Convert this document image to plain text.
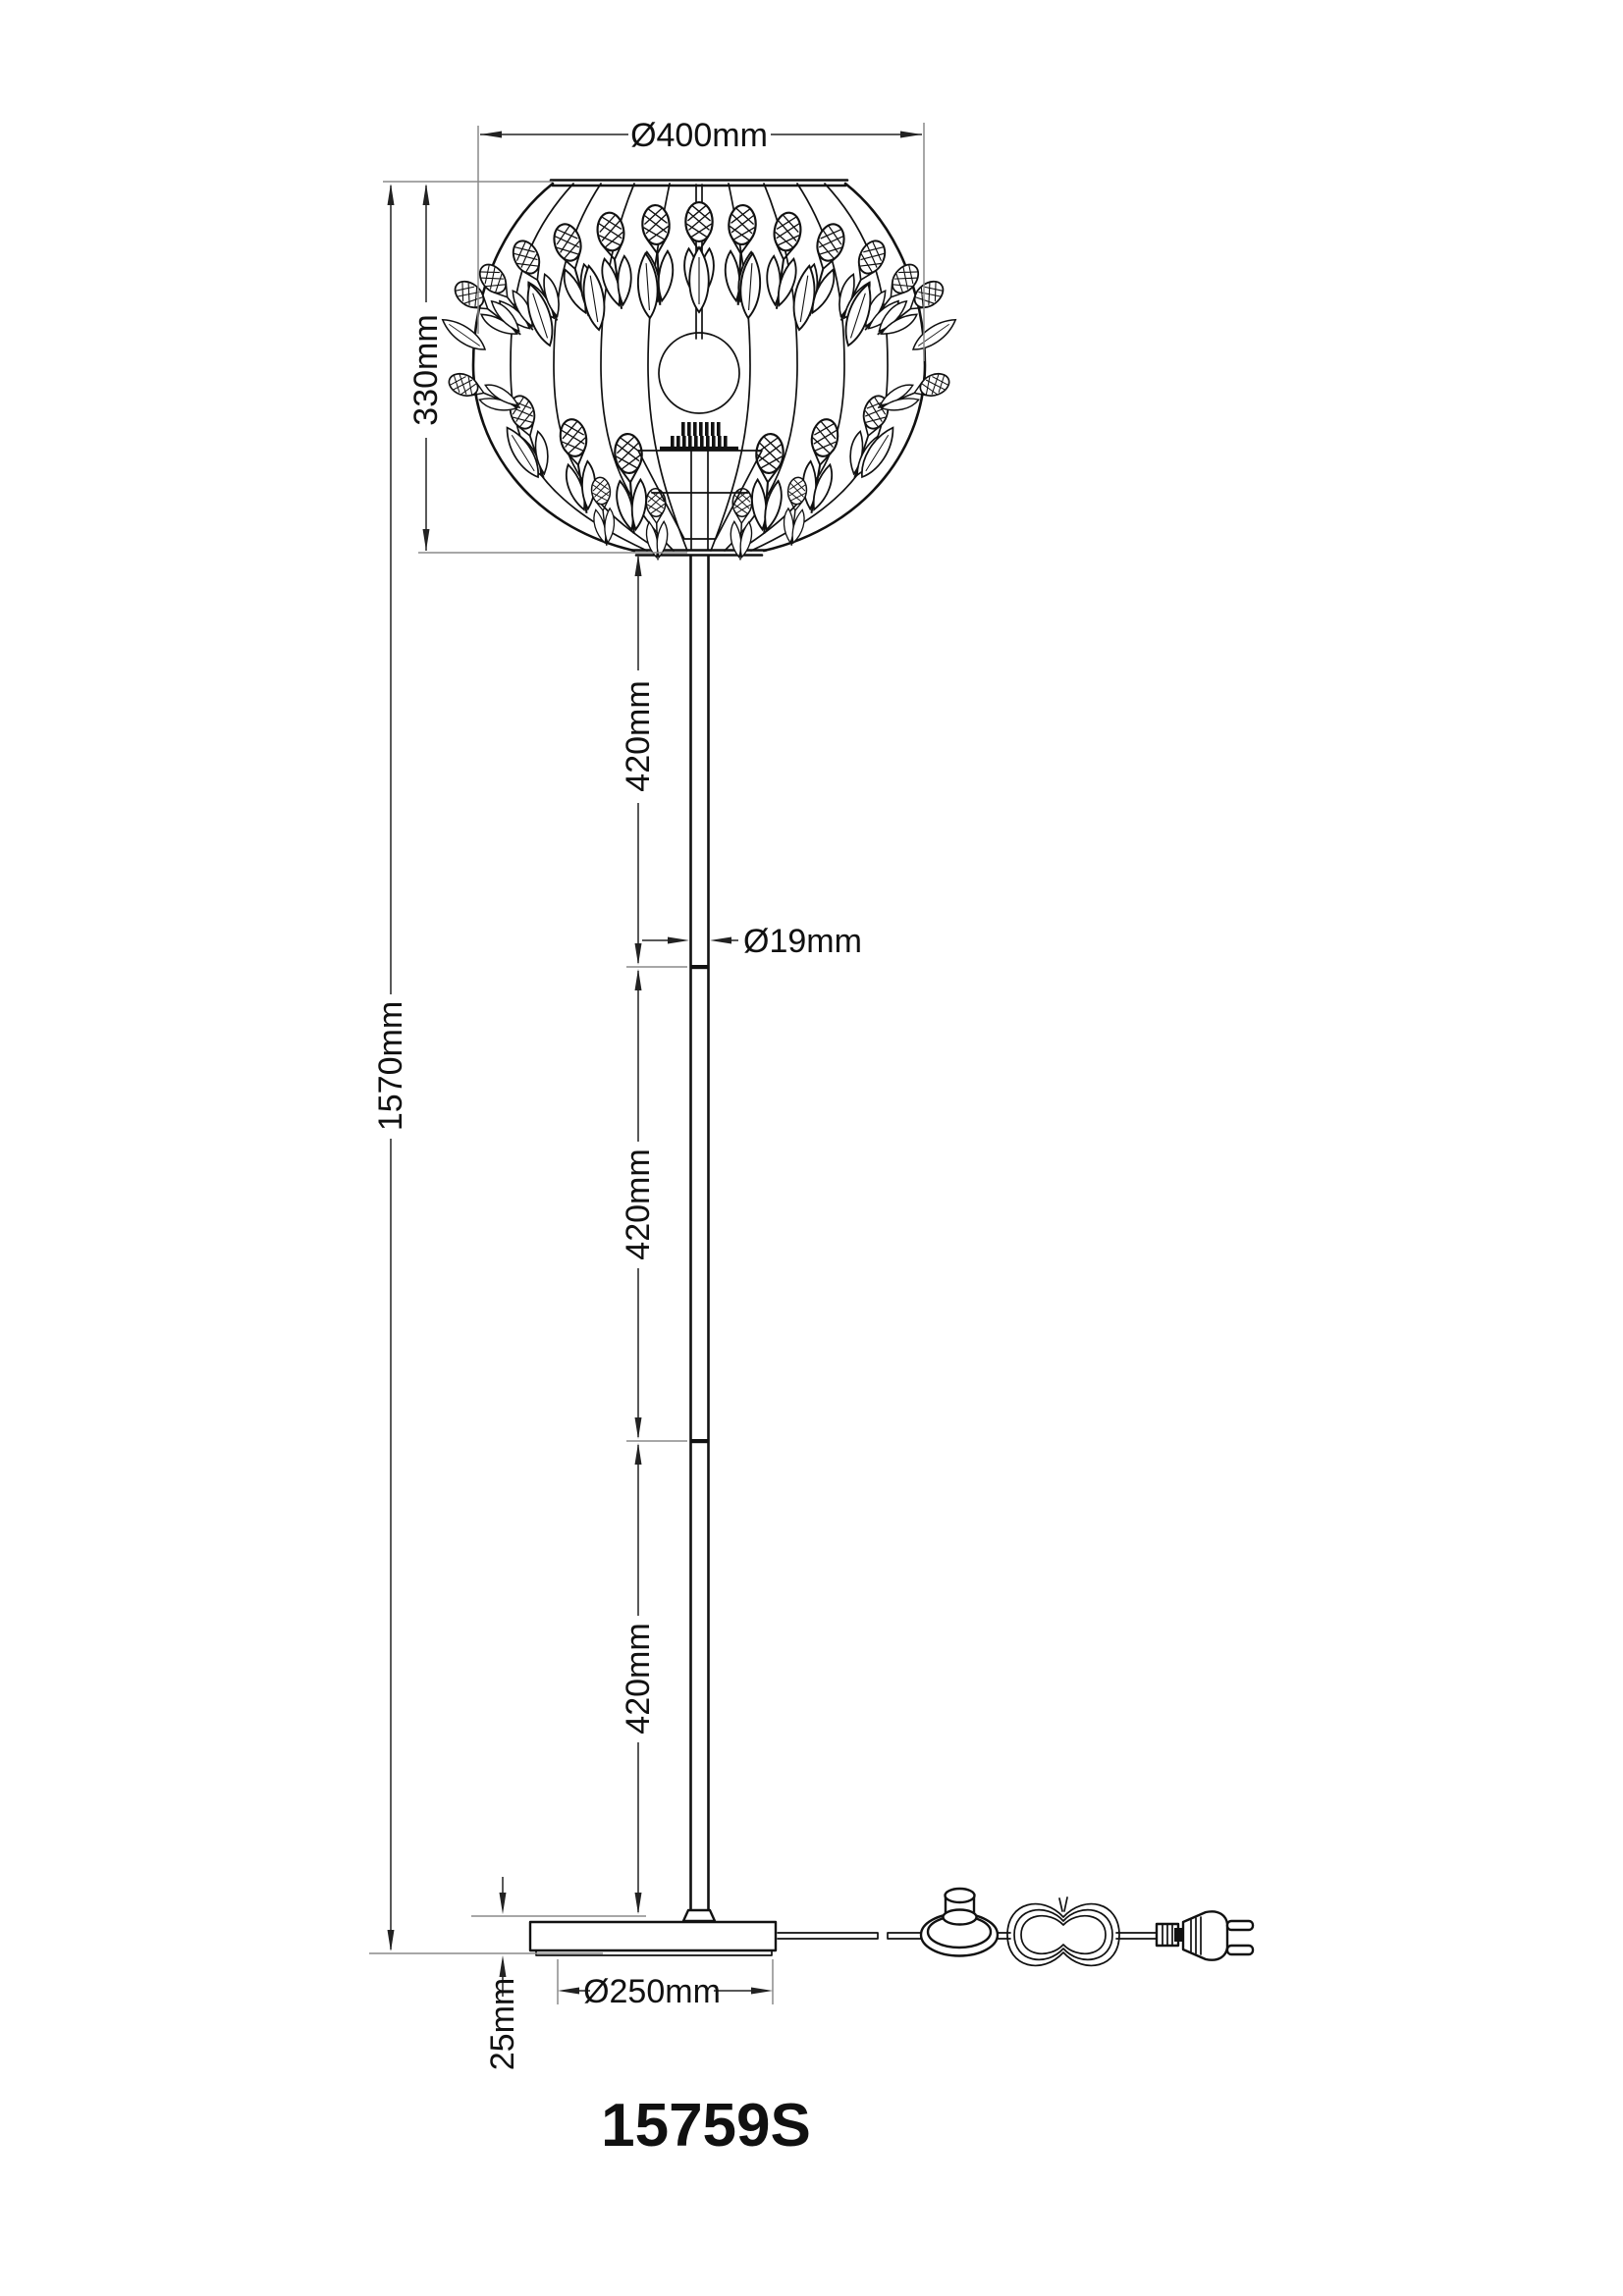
Ø400mm
330mm
1570mm
420mm
Ø19mm
420mm
420mm
25mm Ø250mm
15759S
